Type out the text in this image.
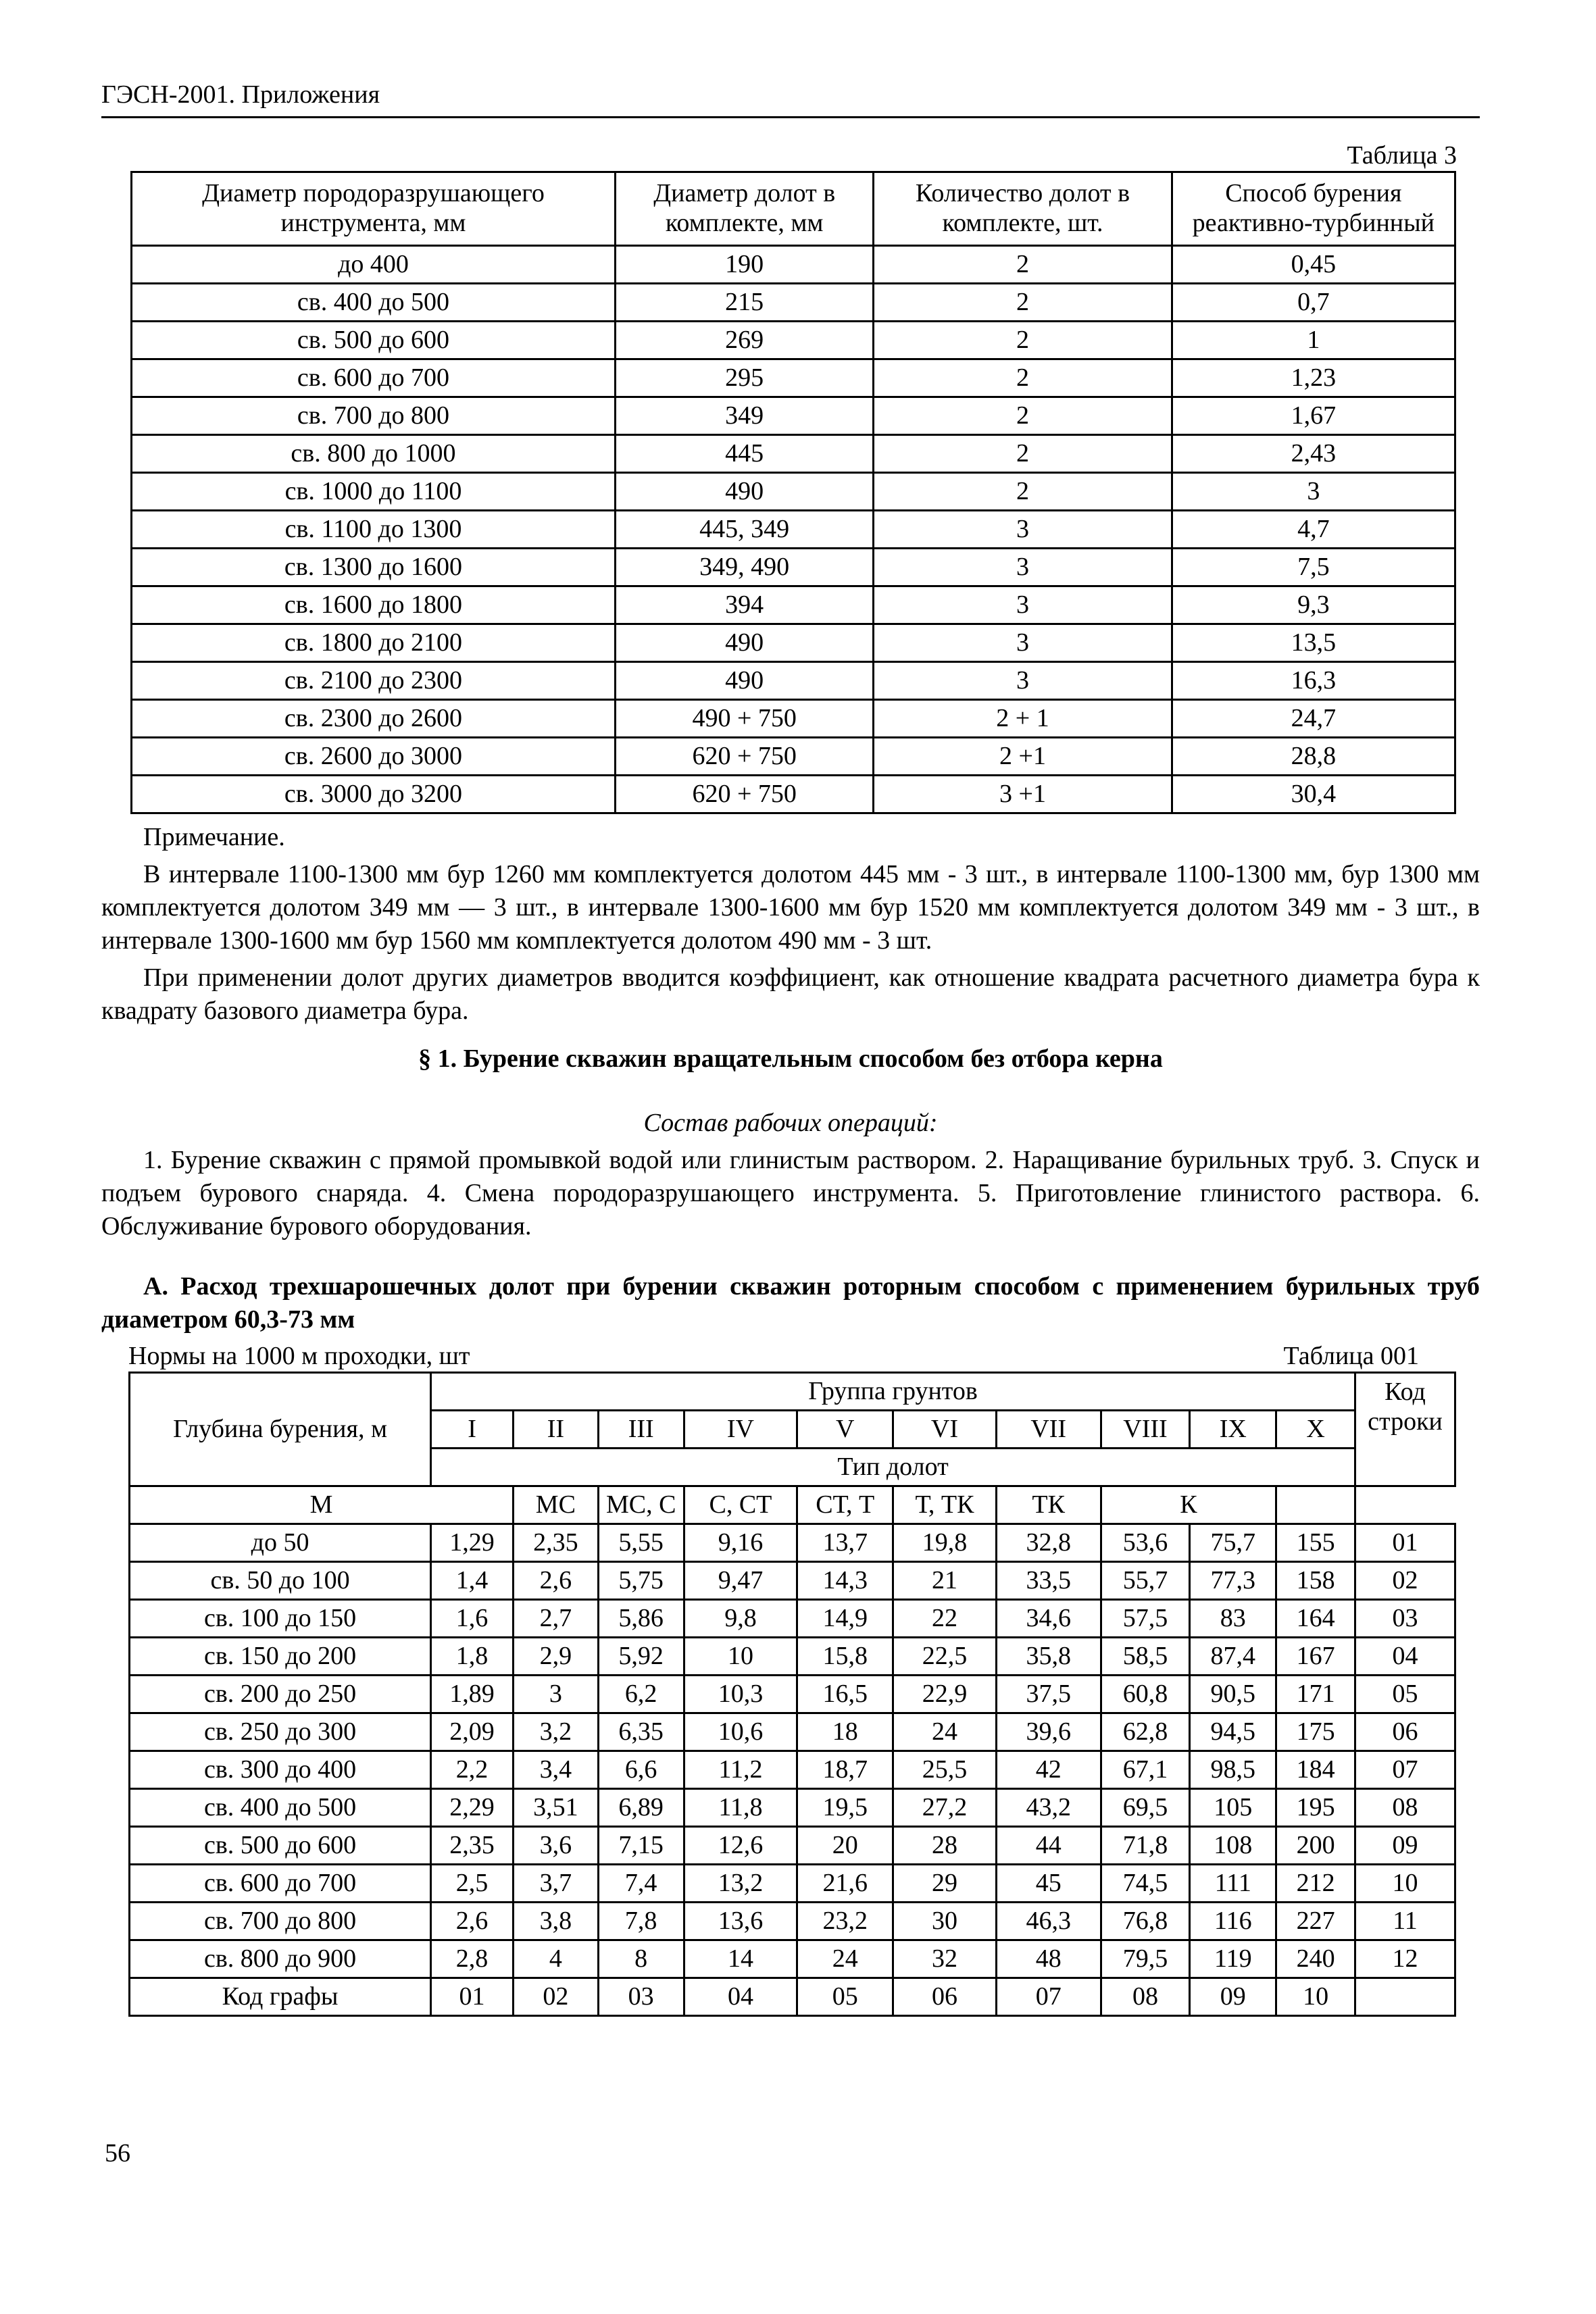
ГЭСН-2001. Приложения
Таблица 3
Диаметр породоразрушающего инструмента, мм	Диаметр долот в комплекте, мм	Количество долот в комплекте, шт.	Способ бурения реактивно-турбинный
до 400	190	2	0,45
св. 400 до 500	215	2	0,7
св. 500 до 600	269	2	1
св. 600 до 700	295	2	1,23
св. 700 до 800	349	2	1,67
св. 800 до 1000	445	2	2,43
св. 1000 до 1100	490	2	3
св. 1100 до 1300	445, 349	3	4,7
св. 1300 до 1600	349, 490	3	7,5
св. 1600 до 1800	394	3	9,3
св. 1800 до 2100	490	3	13,5
св. 2100 до 2300	490	3	16,3
св. 2300 до 2600	490 + 750	2 + 1	24,7
св. 2600 до 3000	620 + 750	2 +1	28,8
св. 3000 до 3200	620 + 750	3 +1	30,4
Примечание.
В интервале 1100-1300 мм бур 1260 мм комплектуется долотом 445 мм - 3 шт., в интервале 1100-1300 мм, бур 1300 мм комплектуется долотом 349 мм — 3 шт., в интервале 1300-1600 мм бур 1520 мм комплектуется долотом 349 мм - 3 шт., в интервале 1300-1600 мм бур 1560 мм комплектуется долотом 490 мм - 3 шт.
При применении долот других диаметров вводится коэффициент, как отношение квадрата расчетного диаметра бура к квадрату базового диаметра бура.
§ 1. Бурение скважин вращательным способом без отбора керна
Состав рабочих операций:
1. Бурение скважин с прямой промывкой водой или глинистым раствором. 2. Наращивание бурильных труб. 3. Спуск и подъем бурового снаряда. 4. Смена породоразрушающего инструмента. 5. Приготовление глинистого раствора. 6. Обслуживание бурового оборудования.
А. Расход трехшарошечных долот при бурении скважин роторным способом с применением бурильных труб диаметром 60,3-73 мм
Нормы на 1000 м проходки, шт	Таблица 001
Глубина бурения, м	Группа грунтов										Код строки
	I	II	III	IV	V	VI	VII	VIII	IX	X	
	Тип долот										
М		МС	МС, С	С, СТ	СТ, Т	Т, ТК	ТК	К			
до 50	1,29	2,35	5,55	9,16	13,7	19,8	32,8	53,6	75,7	155	01
св. 50 до 100	1,4	2,6	5,75	9,47	14,3	21	33,5	55,7	77,3	158	02
св. 100 до 150	1,6	2,7	5,86	9,8	14,9	22	34,6	57,5	83	164	03
св. 150 до 200	1,8	2,9	5,92	10	15,8	22,5	35,8	58,5	87,4	167	04
св. 200 до 250	1,89	3	6,2	10,3	16,5	22,9	37,5	60,8	90,5	171	05
св. 250 до 300	2,09	3,2	6,35	10,6	18	24	39,6	62,8	94,5	175	06
св. 300 до 400	2,2	3,4	6,6	11,2	18,7	25,5	42	67,1	98,5	184	07
св. 400 до 500	2,29	3,51	6,89	11,8	19,5	27,2	43,2	69,5	105	195	08
св. 500 до 600	2,35	3,6	7,15	12,6	20	28	44	71,8	108	200	09
св. 600 до 700	2,5	3,7	7,4	13,2	21,6	29	45	74,5	111	212	10
св. 700 до 800	2,6	3,8	7,8	13,6	23,2	30	46,3	76,8	116	227	11
св. 800 до 900	2,8	4	8	14	24	32	48	79,5	119	240	12
Код графы	01	02	03	04	05	06	07	08	09	10	
56
